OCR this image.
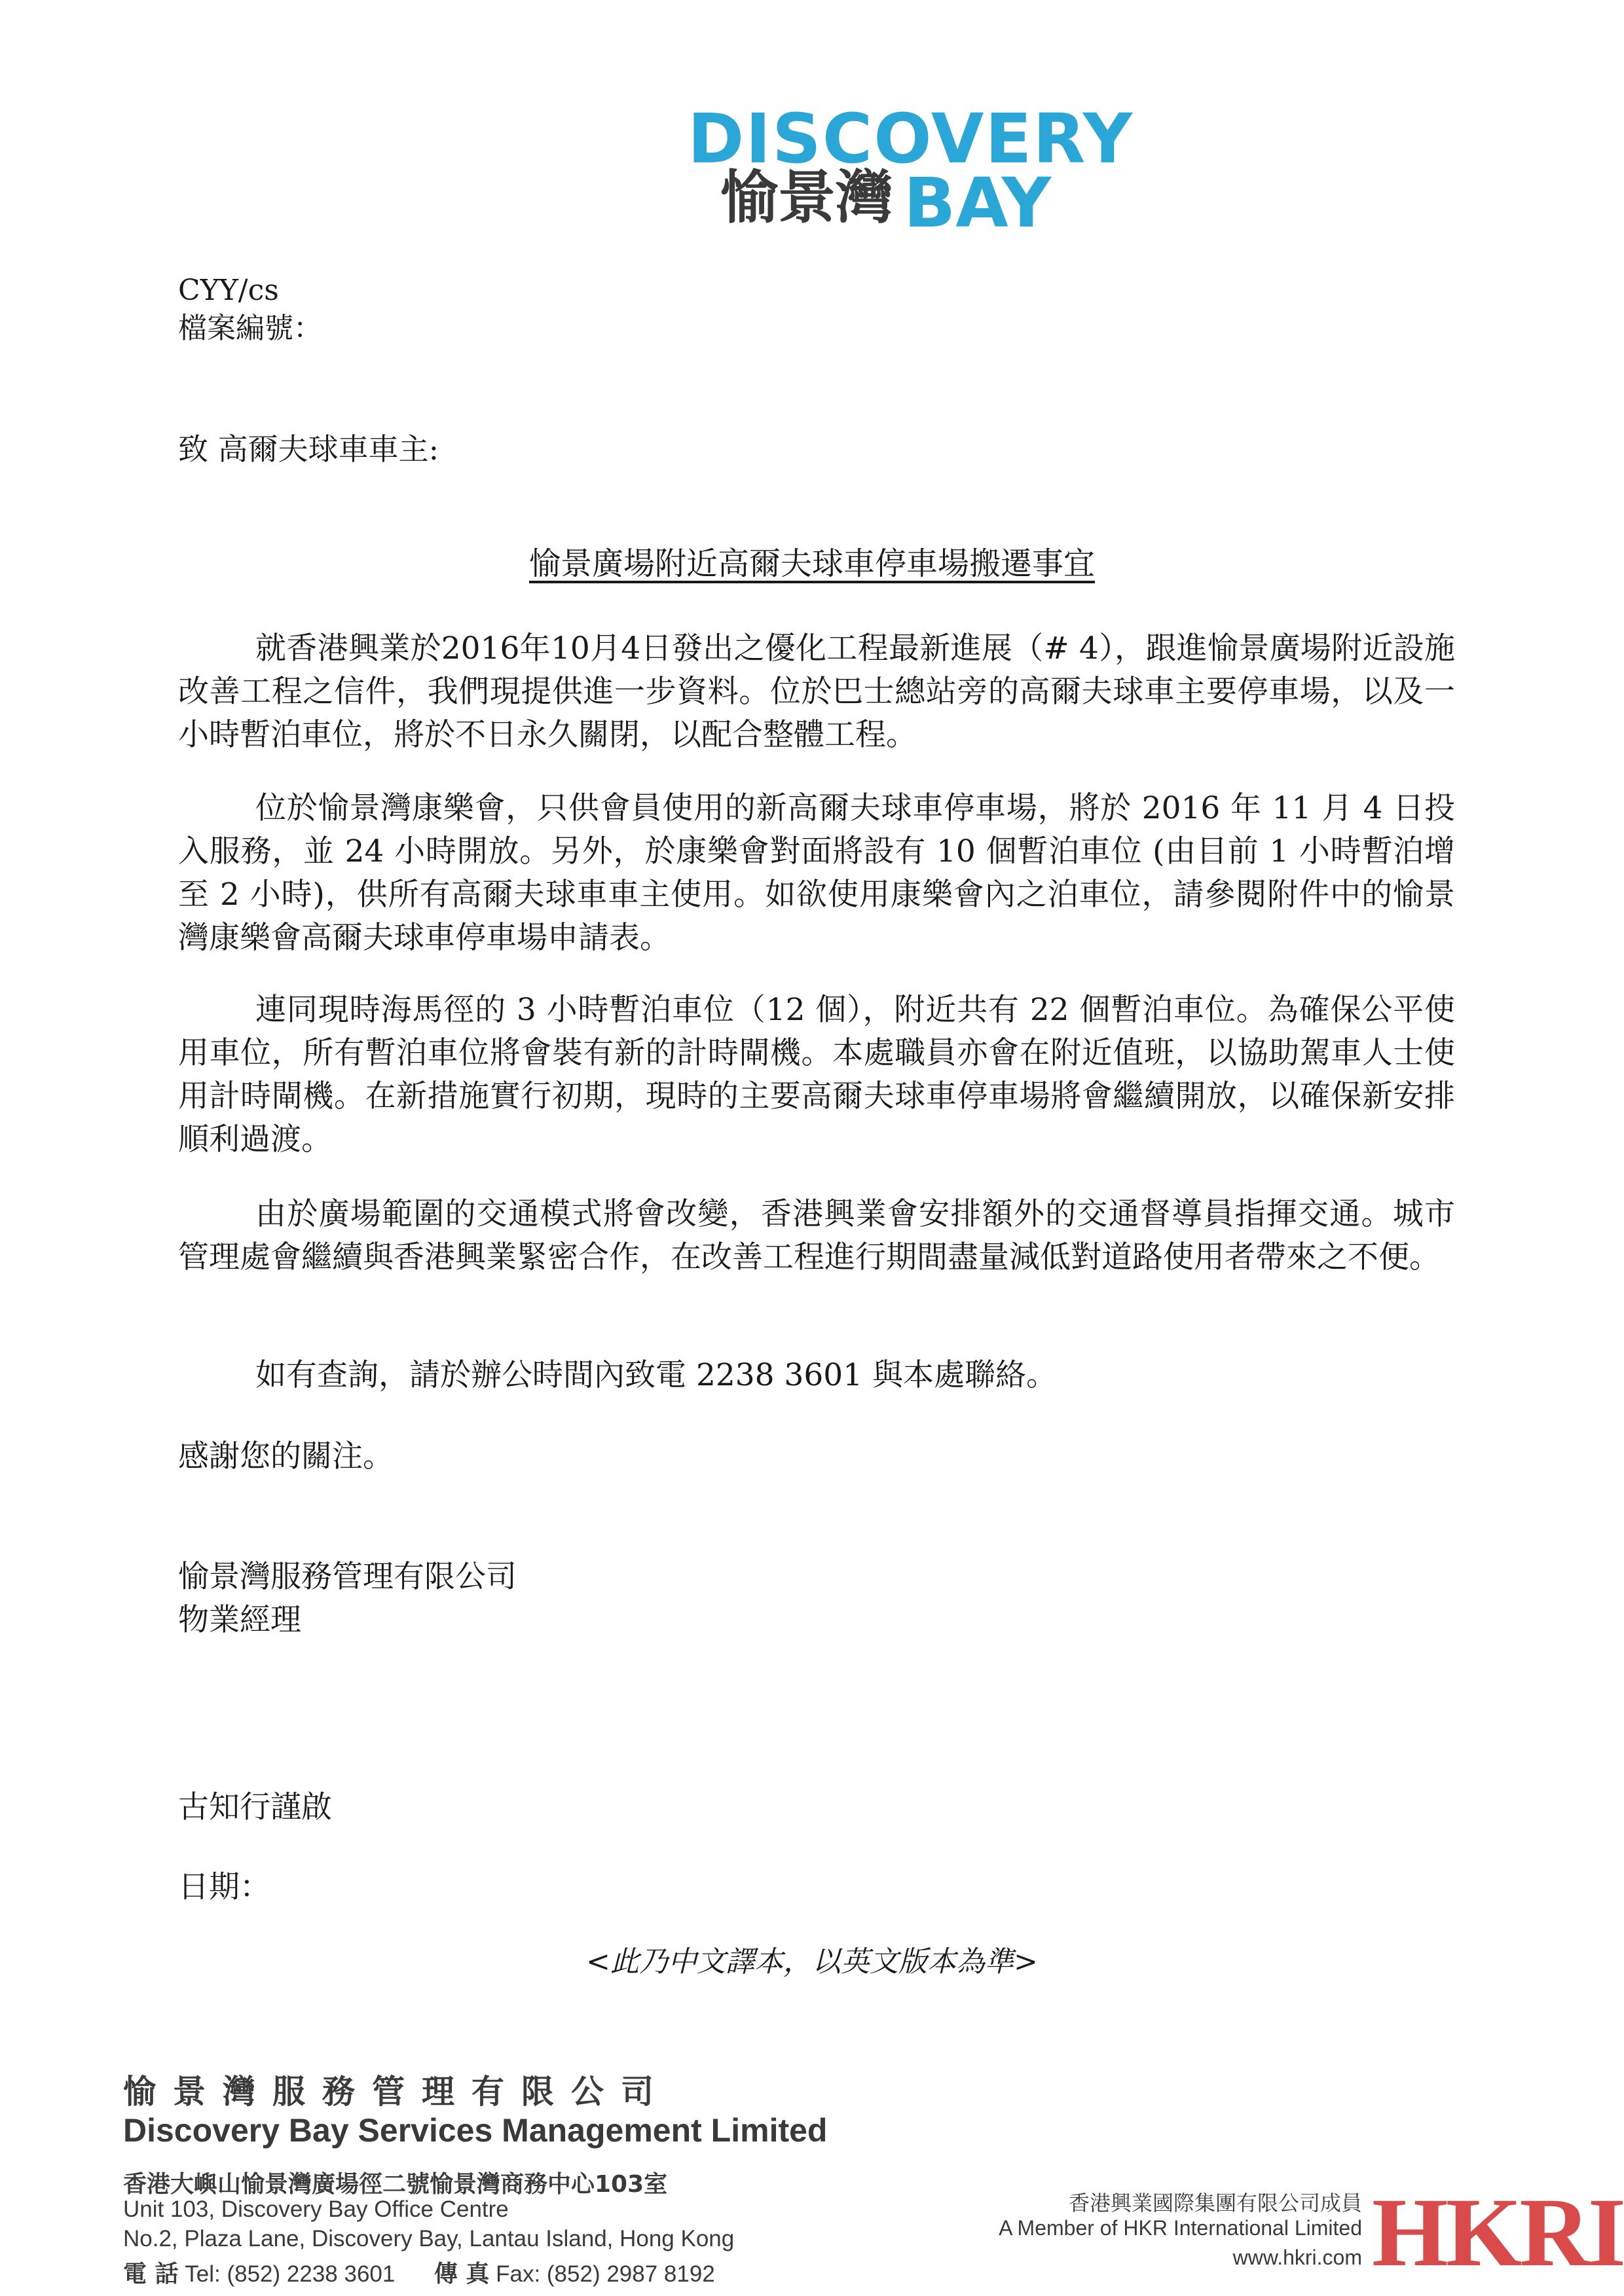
DISCOVERY
愉景灣 BAY
CYY/cs
檔案編號：
致 高爾夫球車車主:
愉景廣場附近高爾夫球車停車場搬遷事宜
就香港興業於2016年10月4日發出之優化工程最新進展（# 4），跟進愉景廣場附近設施改善工程之信件，我們現提供進一步資料。位於巴士總站旁的高爾夫球車主要停車場，以及一小時暫泊車位，將於不日永久關閉，以配合整體工程。
位於愉景灣康樂會，只供會員使用的新高爾夫球車停車場，將於 2016 年 11 月 4 日投入服務，並 24 小時開放。另外，於康樂會對面將設有 10 個暫泊車位 (由目前 1 小時暫泊增至 2 小時)，供所有高爾夫球車車主使用。如欲使用康樂會內之泊車位，請參閱附件中的愉景灣康樂會高爾夫球車停車場申請表。
連同現時海馬徑的 3 小時暫泊車位（12 個），附近共有 22 個暫泊車位。為確保公平使用車位，所有暫泊車位將會裝有新的計時閘機。本處職員亦會在附近值班，以協助駕車人士使用計時閘機。在新措施實行初期，現時的主要高爾夫球車停車場將會繼續開放，以確保新安排順利過渡。
由於廣場範圍的交通模式將會改變，香港興業會安排額外的交通督導員指揮交通。城市管理處會繼續與香港興業緊密合作，在改善工程進行期間盡量減低對道路使用者帶來之不便。
如有查詢，請於辦公時間內致電 2238 3601 與本處聯絡。
感謝您的關注。
愉景灣服務管理有限公司
物業經理
古知行謹啟
日期：
<此乃中文譯本，以英文版本為準>
愉景灣服務管理有限公司
Discovery Bay Services Management Limited
香港大嶼山愉景灣廣場徑二號愉景灣商務中心103室
Unit 103, Discovery Bay Office Centre
No.2, Plaza Lane, Discovery Bay, Lantau Island, Hong Kong
電 話 Tel: (852) 2238 3601 傳 真 Fax: (852) 2987 8192
香港興業國際集團有限公司成員
A Member of HKR International Limited
www.hkri.com HKRI
